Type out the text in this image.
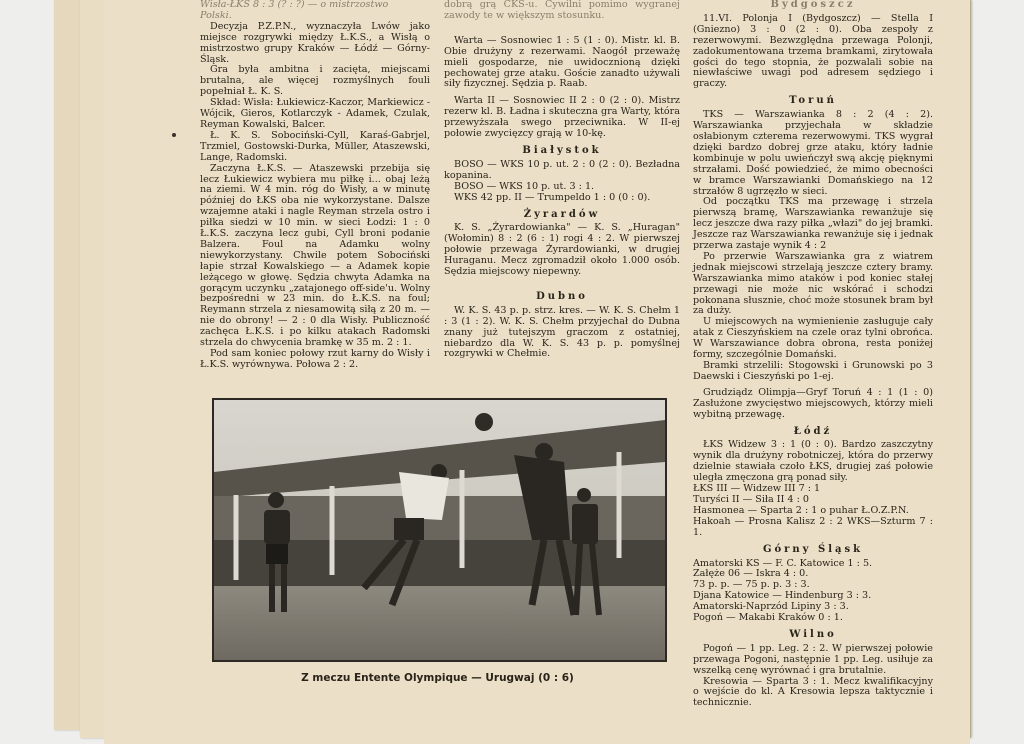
Wisła-ŁKS 8 : 3 (? : ?) — o mistrzostwo

Polski.

Decyzja P.Z.P.N., wyznaczyła Lwów jako miejsce rozgrywki między Ł.K.S., a Wisłą o mistrzostwo grupy Kraków — Łódź — Górny-Śląsk.

Gra była ambitna i zacięta, miejscami brutalna, ale więcej rozmyślnych fouli popełniał Ł. K. S.

Skład: Wisła: Łukiewicz-Kaczor, Markiewicz - Wójcik, Gieros, Kotlarczyk - Adamek, Czulak, Reyman Kowalski, Balcer.

Ł. K. S. Sobociński-Cyll, Karaś-Gabrjel, Trzmiel, Gostowski-Durka, Müller, Ataszewski, Lange, Radomski.

Zaczyna Ł.K.S. — Ataszewski przebija się lecz Łukiewicz wybiera mu piłkę i... obaj leżą na ziemi. W 4 min. róg do Wisły, a w minutę później do ŁKS oba nie wykorzystane. Dalsze wzajemne ataki i nagle Reyman strzela ostro i piłka siedzi w 10 min. w sieci Łodzi: 1 : 0 Ł.K.S. zaczyna lecz gubi, Cyll broni podanie Balzera. Foul na Adamku wolny niewykorzystany. Chwile potem Sobociński łapie strzał Kowalskiego — a Adamek kopie leżącego w głowę. Sędzia chwyta Adamka na gorącym uczynku „zatajonego off-side'u. Wolny bezpośredni w 23 min. do Ł.K.S. na foul; Reymann strzela z niesamowitą siłą z 20 m. — nie do obrony! — 2 : 0 dla Wisły. Publiczność zachęca Ł.K.S. i po kilku atakach Radomski strzela do chwycenia bramkę w 35 m. 2 : 1.

Pod sam koniec połowy rzut karny do Wisły i Ł.K.S. wyrównywa. Połowa 2 : 2.

dobrą grą CKS-u. Cywilni pomimo wygranej zawody te w większym stosunku.

Warta — Sosnowiec 1 : 5 (1 : 0). Mistr. kl. B. Obie drużyny z rezerwami. Naogół przeważę mieli gospodarze, nie uwidocznioną dzięki pechowatej grze ataku. Goście zanadto używali siły fizycznej. Sędzia p. Raab.

Warta II — Sosnowiec II 2 : 0 (2 : 0). Mistrz rezerw kl. B. Ładna i skuteczna gra Warty, która przewyższała swego przeciwnika. W II-ej połowie zwycięzcy grają w 10-kę.

Białystok

BOSO — WKS 10 p. ut. 2 : 0 (2 : 0). Bezładna kopanina.

BOSO — WKS 10 p. ut. 3 : 1.

WKS 42 pp. II — Trumpeldo 1 : 0 (0 : 0).

Żyrardów

K. S. „Żyrardowianka" — K. S. „Huragan" (Wołomin) 8 : 2 (6 : 1) rogi 4 : 2. W pierwszej połowie przewaga Żyrardowianki, w drugiej Huraganu. Mecz zgromadził około 1.000 osób. Sędzia miejscowy niepewny.

Dubno

W. K. S. 43 p. p. strz. kres. — W. K. S. Chełm 1 : 3 (1 : 2). W. K. S. Chełm przyjechał do Dubna znany już tutejszym graczom z ostatniej, niebardzo dla W. K. S. 43 p. p. pomyślnej rozgrywki w Chełmie.

Bydgoszcz

11.VI. Polonja I (Bydgoszcz) — Stella I (Gniezno) 3 : 0 (2 : 0). Oba zespoły z rezerwowymi. Bezwzględna przewaga Polonji, zadokumentowana trzema bramkami, zirytowała gości do tego stopnia, że pozwalali sobie na niewłaściwe uwagi pod adresem sędziego i graczy.

Toruń

TKS — Warszawianka 8 : 2 (4 : 2). Warszawianka przyjechała w składzie osłabionym czterema rezerwowymi. TKS wygrał dzięki bardzo dobrej grze ataku, który ładnie kombinuje w polu uwieńczył swą akcję pięknymi strzałami. Dość powiedzieć, że mimo obecności w bramce Warszawianki Domańskiego na 12 strzałów 8 ugrzęzło w sieci.

Od początku TKS ma przewagę i strzela pierwszą bramę, Warszawianka rewanżuje się lecz jeszcze dwa razy piłka „włazi" do jej bramki. Jeszcze raz Warszawianka rewanżuje się i jednak przerwa zastaje wynik 4 : 2

Po przerwie Warszawianka gra z wiatrem jednak miejscowi strzelają jeszcze cztery bramy. Warszawianka mimo ataków i pod koniec stałej przewagi nie może nic wskórać i schodzi pokonana słusznie, choć może stosunek bram był za duży.

U miejscowych na wymienienie zasługuje cały atak z Cieszyńskiem na czele oraz tylni obrońca. W Warszawiance dobra obrona, resta poniżej formy, szczególnie Domański.

Bramki strzelili: Stogowski i Grunowski po 3 Daewski i Cieszyński po 1-ej.

Grudziądz Olimpja—Gryf Toruń 4 : 1 (1 : 0) Zasłużone zwycięstwo miejscowych, którzy mieli wybitną przewagę.

Łódź

ŁKS Widzew 3 : 1 (0 : 0). Bardzo zaszczytny wynik dla drużyny robotniczej, która do przerwy dzielnie stawiała czoło ŁKS, drugiej zaś połowie uległa zmęczona grą ponad siły.

ŁKS III — Widzew III 7 : 1

Turyści II — Siła II 4 : 0

Hasmonea — Sparta 2 : 1 o puhar Ł.O.Z.P.N.

Hakoah — Prosna Kalisz 2 : 2 WKS—Szturm 7 : 1.

Górny Śląsk

Amatorski KS — F. C. Katowice 1 : 5.

Załęże 06 — Iskra 4 : 0.

73 p. p. — 75 p. p. 3 : 3.

Djana Katowice — Hindenburg 3 : 3.

Amatorski-Naprzód Lipiny 3 : 3.

Pogoń — Makabi Kraków 0 : 1.

Wilno

Pogoń — 1 pp. Leg. 2 : 2. W pierwszej połowie przewaga Pogoni, następnie 1 pp. Leg. usiłuje za wszelką cenę wyrównać i gra brutalnie.

Kresowia — Sparta 3 : 1. Mecz kwalifikacyjny o wejście do kl. A Kresowia lepsza taktycznie i technicznie.

Z meczu Entente Olympique — Urugwaj (0 : 6)
